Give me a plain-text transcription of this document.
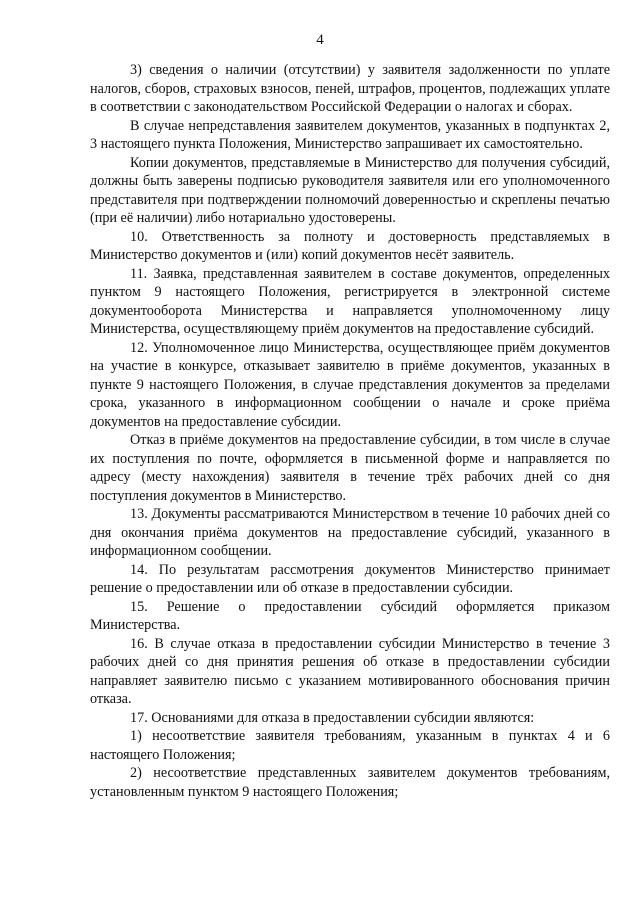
4

3) сведения о наличии (отсутствии) у заявителя задолженности по уплате налогов, сборов, страховых взносов, пеней, штрафов, процентов, подлежащих уплате в соответствии с законодательством Российской Федерации о налогах и сборах.

В случае непредставления заявителем документов, указанных в подпунктах 2, 3 настоящего пункта Положения, Министерство запрашивает их самостоятельно.

Копии документов, представляемые в Министерство для получения субсидий, должны быть заверены подписью руководителя заявителя или его уполномоченного представителя при подтверждении полномочий доверенностью и скреплены печатью (при её наличии) либо нотариально удостоверены.

10. Ответственность за полноту и достоверность представляемых в Министерство документов и (или) копий документов несёт заявитель.

11. Заявка, представленная заявителем в составе документов, определенных пунктом 9 настоящего Положения, регистрируется в электронной системе документооборота Министерства и направляется уполномоченному лицу Министерства, осуществляющему приём документов на предоставление субсидий.

12. Уполномоченное лицо Министерства, осуществляющее приём документов на участие в конкурсе, отказывает заявителю в приёме документов, указанных в пункте 9 настоящего Положения, в случае представления документов за пределами срока, указанного в информационном сообщении о начале и сроке приёма документов на предоставление субсидии.

Отказ в приёме документов на предоставление субсидии, в том числе в случае их поступления по почте, оформляется в письменной форме и направляется по адресу (месту нахождения) заявителя в течение трёх рабочих дней со дня поступления документов в Министерство.

13. Документы рассматриваются Министерством в течение 10 рабочих дней со дня окончания приёма документов на предоставление субсидий, указанного в информационном сообщении.

14. По результатам рассмотрения документов Министерство принимает решение о предоставлении или об отказе в предоставлении субсидии.

15. Решение о предоставлении субсидий оформляется приказом Министерства.

16. В случае отказа в предоставлении субсидии Министерство в течение 3 рабочих дней со дня принятия решения об отказе в предоставлении субсидии направляет заявителю письмо с указанием мотивированного обоснования причин отказа.

17. Основаниями для отказа в предоставлении субсидии являются:

1) несоответствие заявителя требованиям, указанным в пунктах 4 и 6 настоящего Положения;

2) несоответствие представленных заявителем документов требованиям, установленным пунктом 9 настоящего Положения;
